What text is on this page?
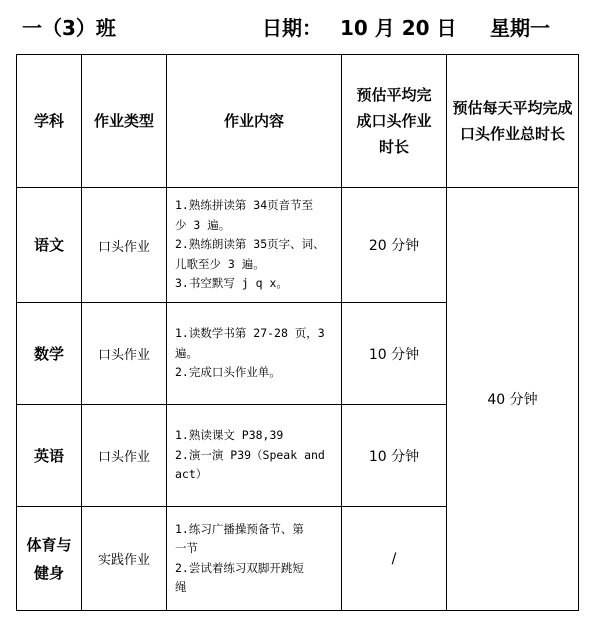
一（3）班	日期： 10 月 20 日 星期一
学科	作业类型	作业内容	预估平均完
成口头作业
时长	预估每天平均完成
口头作业总时长

语文	口头作业	1.熟练拼读第 34页音节至
少 3 遍。
2.熟练朗读第 35页字、词、
儿歌至少 3 遍。
3.书空默写 j q x。	20 分钟	40 分钟

数学	口头作业	1.读数学书第 27-28 页，3
遍。
2.完成口头作业单。	10 分钟	

英语	口头作业	1.熟读课文 P38,39
2.演一演 P39（Speak and
act）	10 分钟	

体育与
健身	实践作业	1.练习广播操预备节、第
一节
2.尝试着练习双脚开跳短
绳	/	
